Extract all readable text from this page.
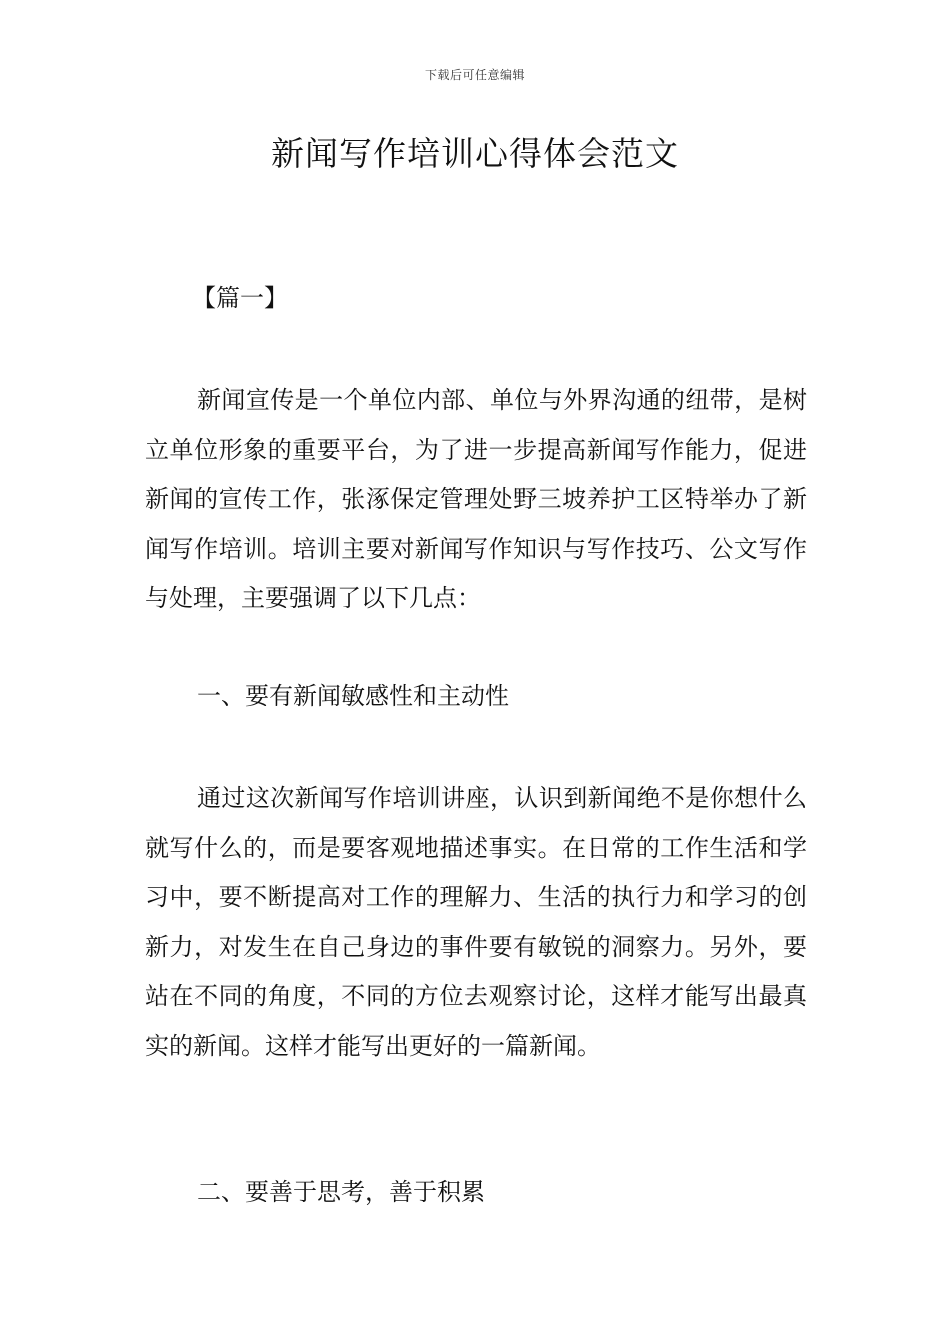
下载后可任意编辑
新闻写作培训心得体会范文
【篇一】

新闻宣传是一个单位内部、单位与外界沟通的纽带，是树立单位形象的重要平台，为了进一步提高新闻写作能力，促进新闻的宣传工作，张涿保定管理处野三坡养护工区特举办了新闻写作培训。培训主要对新闻写作知识与写作技巧、公文写作与处理，主要强调了以下几点：

一、要有新闻敏感性和主动性

通过这次新闻写作培训讲座，认识到新闻绝不是你想什么就写什么的，而是要客观地描述事实。在日常的工作生活和学习中，要不断提高对工作的理解力、生活的执行力和学习的创新力，对发生在自己身边的事件要有敏锐的洞察力。另外，要站在不同的角度，不同的方位去观察讨论，这样才能写出最真实的新闻。这样才能写出更好的一篇新闻。

二、要善于思考，善于积累
